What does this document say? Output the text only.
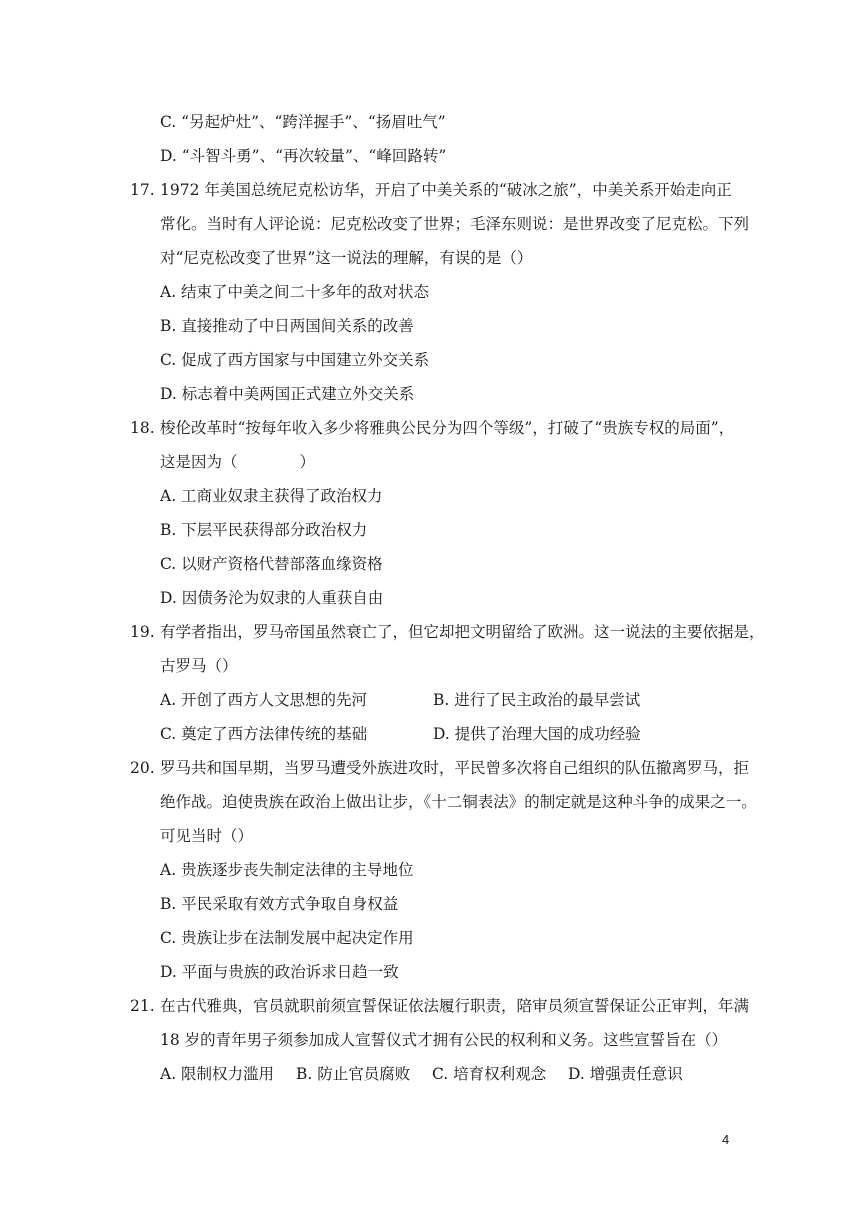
C. “另起炉灶”、“跨洋握手”、“扬眉吐气”
D. “斗智斗勇”、“再次较量”、“峰回路转”
17. 1972 年美国总统尼克松访华，开启了中美关系的“破冰之旅”，中美关系开始走向正
常化。当时有人评论说：尼克松改变了世界；毛泽东则说：是世界改变了尼克松。下列
对“尼克松改变了世界”这一说法的理解，有误的是（）
A. 结束了中美之间二十多年的敌对状态
B. 直接推动了中日两国间关系的改善
C. 促成了西方国家与中国建立外交关系
D. 标志着中美两国正式建立外交关系
18. 梭伦改革时“按每年收入多少将雅典公民分为四个等级”，打破了“贵族专权的局面”，
这是因为（　　　　）
A. 工商业奴隶主获得了政治权力
B. 下层平民获得部分政治权力
C. 以财产资格代替部落血缘资格
D. 因债务沦为奴隶的人重获自由
19. 有学者指出，罗马帝国虽然衰亡了，但它却把文明留给了欧洲。这一说法的主要依据是，
古罗马（）
A. 开创了西方人文思想的先河	B. 进行了民主政治的最早尝试
C. 奠定了西方法律传统的基础	D. 提供了治理大国的成功经验
20. 罗马共和国早期，当罗马遭受外族进攻时，平民曾多次将自己组织的队伍撤离罗马，拒
绝作战。迫使贵族在政治上做出让步，《十二铜表法》的制定就是这种斗争的成果之一。
可见当时（）
A. 贵族逐步丧失制定法律的主导地位
B. 平民采取有效方式争取自身权益
C. 贵族让步在法制发展中起决定作用
D. 平面与贵族的政治诉求日趋一致
21. 在古代雅典，官员就职前须宣誓保证依法履行职责，陪审员须宣誓保证公正审判，年满
18 岁的青年男子须参加成人宣誓仪式才拥有公民的权利和义务。这些宣誓旨在（）
A. 限制权力滥用 B. 防止官员腐败 C. 培育权利观念 D. 增强责任意识
4
